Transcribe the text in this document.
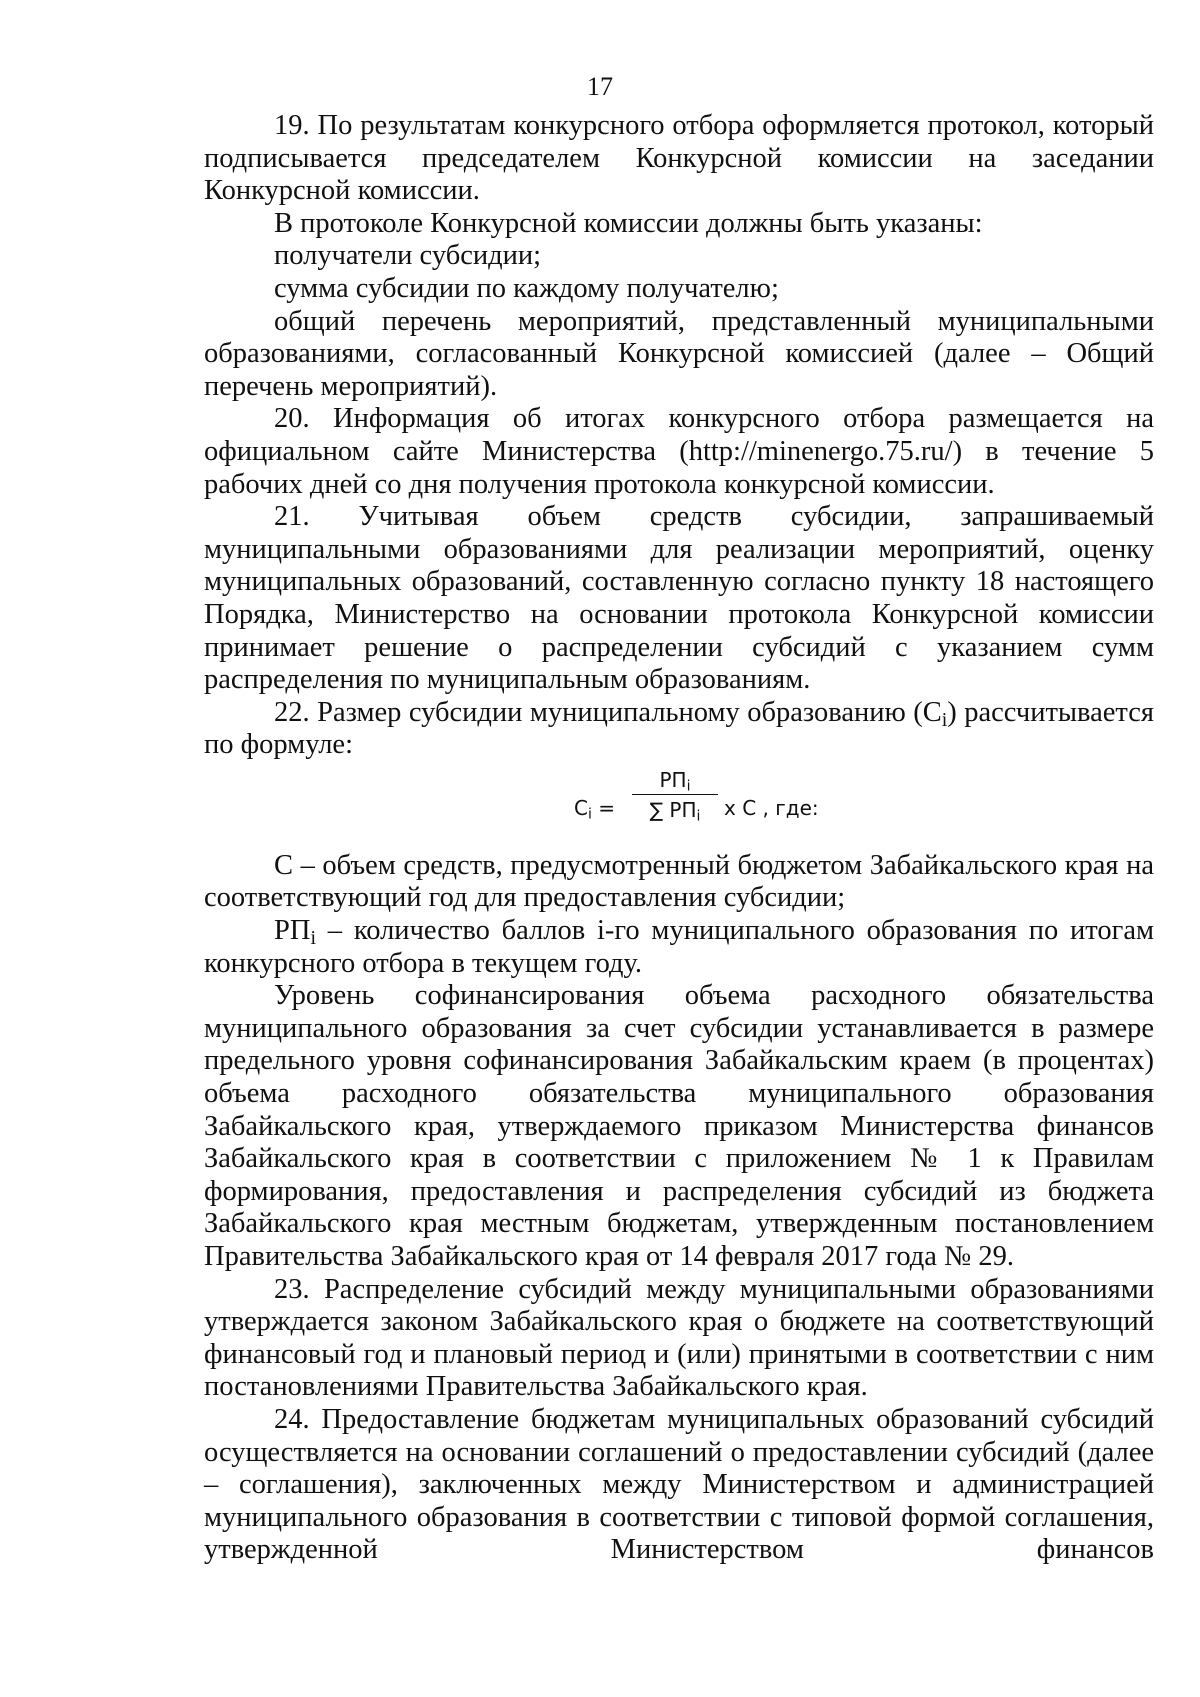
17

19. По результатам конкурсного отбора оформляется протокол, который подписывается председателем Конкурсной комиссии на заседании Конкурсной комиссии.

В протоколе Конкурсной комиссии должны быть указаны:

получатели субсидии;

сумма субсидии по каждому получателю;

общий перечень мероприятий, представленный муниципальными образованиями, согласованный Конкурсной комиссией (далее – Общий перечень мероприятий).

20. Информация об итогах конкурсного отбора размещается на официальном сайте Министерства (http://minenergo.75.ru/) в течение 5 рабочих дней со дня получения протокола конкурсной комиссии.

21. Учитывая объем средств субсидии, запрашиваемый муниципальными образованиями для реализации мероприятий, оценку муниципальных образований, составленную согласно пункту 18 настоящего Порядка, Министерство на основании протокола Конкурсной комиссии принимает решение о распределении субсидий с указанием сумм распределения по муниципальным образованиям.

22. Размер субсидии муниципальному образованию $(C_i)$ рассчитывается по формуле:

$C_i$ =
$РП_i$
∑ $РП_i$	x C , где:

С – объем средств, предусмотренный бюджетом Забайкальского края на соответствующий год для предоставления субсидии;

$РП_i$ – количество баллов i-го муниципального образования по итогам конкурсного отбора в текущем году.

Уровень софинансирования объема расходного обязательства муниципального образования за счет субсидии устанавливается в размере предельного уровня софинансирования Забайкальским краем (в процентах) объема расходного обязательства муниципального образования Забайкальского края, утверждаемого приказом Министерства финансов Забайкальского края в соответствии с приложением № 1 к Правилам формирования, предоставления и распределения субсидий из бюджета Забайкальского края местным бюджетам, утвержденным постановлением Правительства Забайкальского края от 14 февраля 2017 года № 29.

23. Распределение субсидий между муниципальными образованиями утверждается законом Забайкальского края о бюджете на соответствующий финансовый год и плановый период и (или) принятыми в соответствии с ним постановлениями Правительства Забайкальского края.

24. Предоставление бюджетам муниципальных образований субсидий осуществляется на основании соглашений о предоставлении субсидий (далее – соглашения), заключенных между Министерством и администрацией муниципального образования в соответствии с типовой формой соглашения, утвержденной Министерством финансов
